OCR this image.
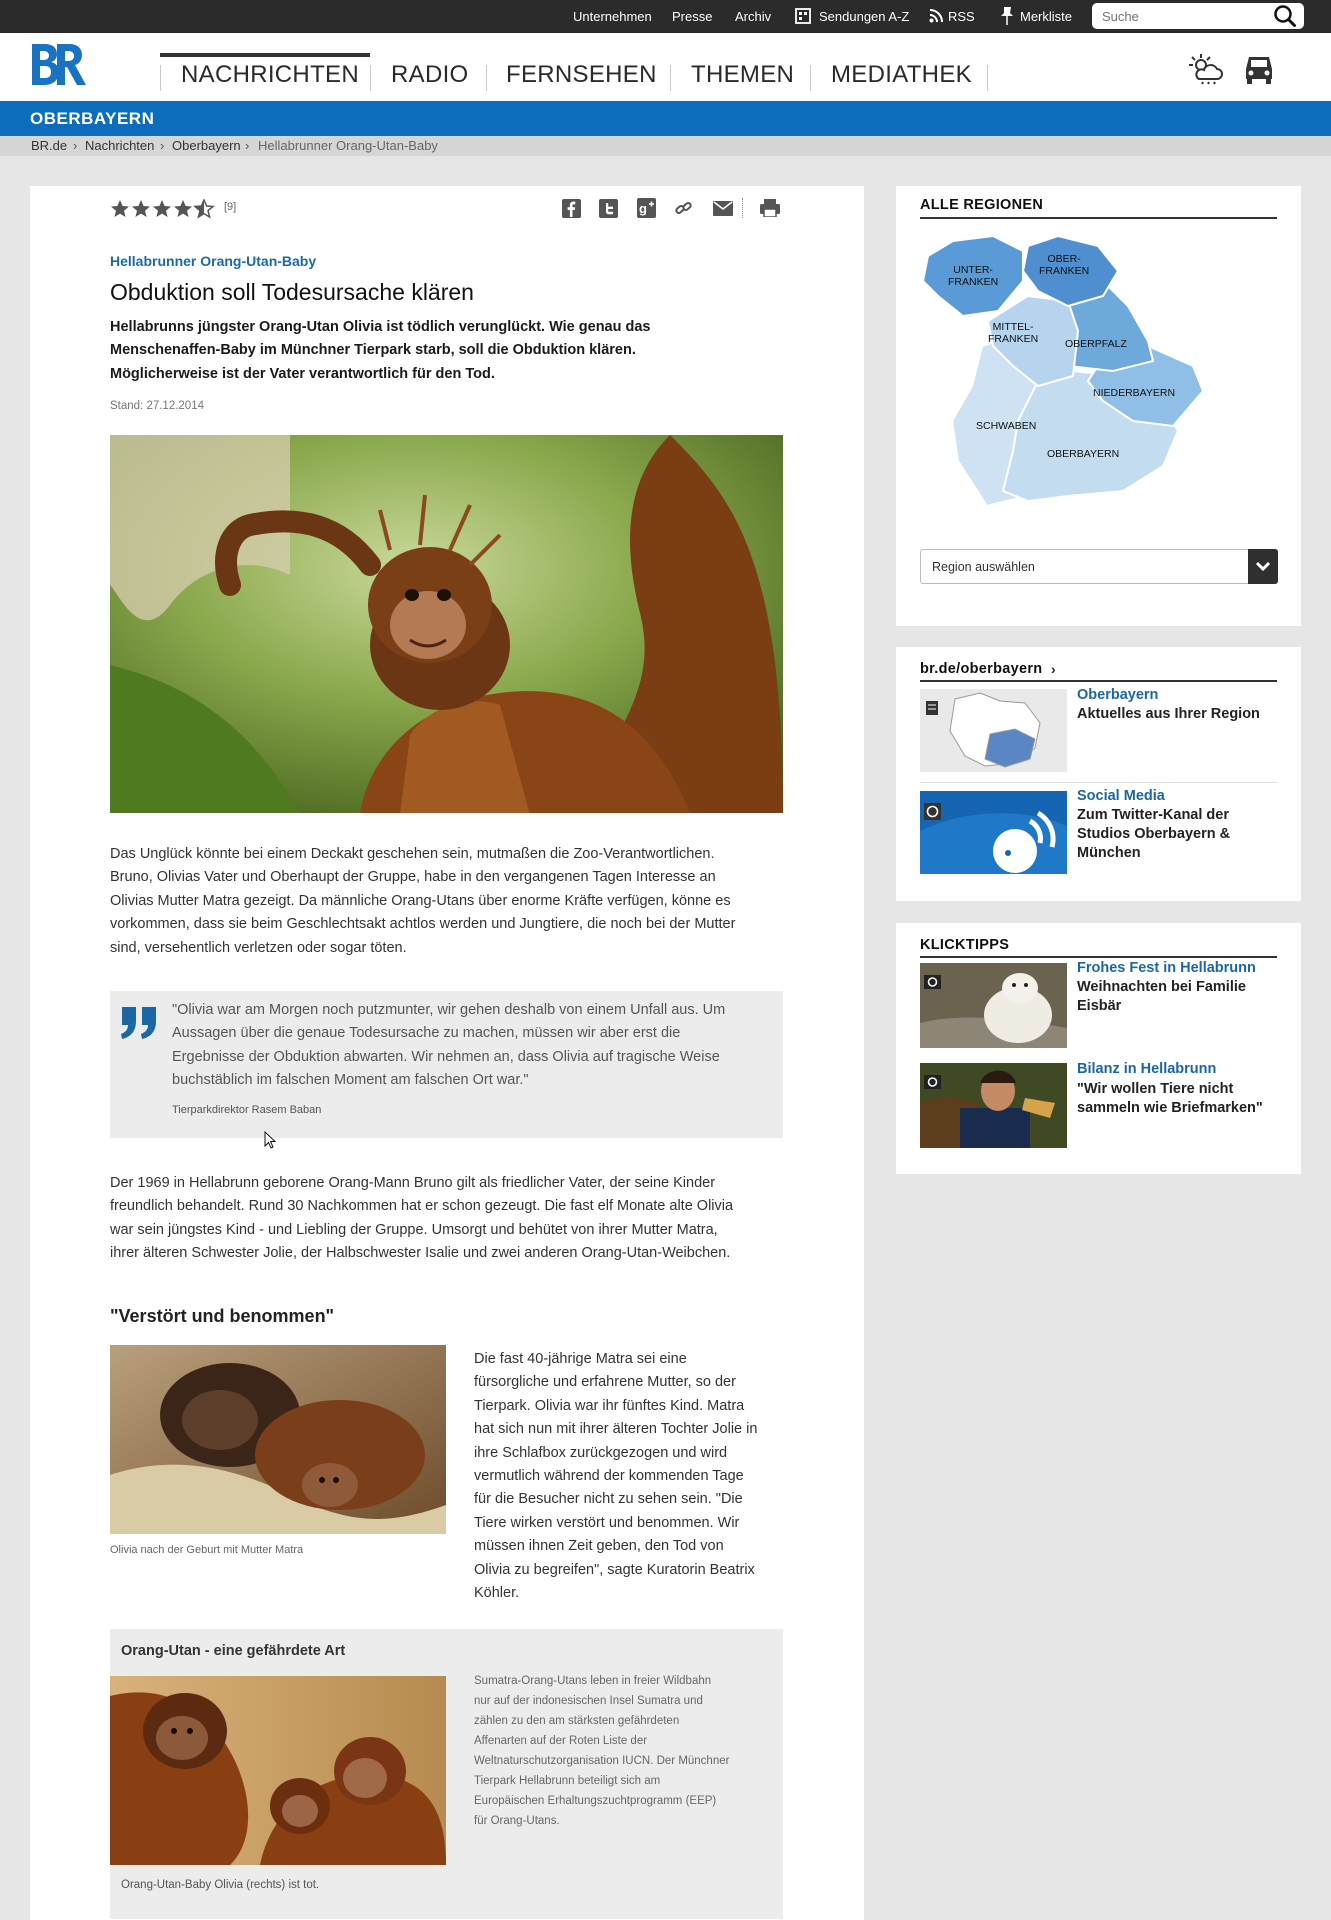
Unternehmen Presse Archiv	Sendungen A-Z	RSS	Merkliste
Suche
NACHRICHTEN RADIO FERNSEHEN THEMEN MEDIATHEK
OBERBAYERN
BR.de › Nachrichten › Oberbayern › Hellabrunner Orang-Utan-Baby
[9]	g
Hellabrunner Orang-Utan-Baby
Obduktion soll Todesursache klären
Hellabrunns jüngster Orang-Utan Olivia ist tödlich verunglückt. Wie genau das
Menschenaffen-Baby im Münchner Tierpark starb, soll die Obduktion klären.
Möglicherweise ist der Vater verantwortlich für den Tod.
Stand: 27.12.2014
Das Unglück könnte bei einem Deckakt geschehen sein, mutmaßen die Zoo-Verantwortlichen.
Bruno, Olivias Vater und Oberhaupt der Gruppe, habe in den vergangenen Tagen Interesse an
Olivias Mutter Matra gezeigt. Da männliche Orang-Utans über enorme Kräfte verfügen, könne es
vorkommen, dass sie beim Geschlechtsakt achtlos werden und Jungtiere, die noch bei der Mutter
sind, versehentlich verletzen oder sogar töten.
"Olivia war am Morgen noch putzmunter, wir gehen deshalb von einem Unfall aus. Um
Aussagen über die genaue Todesursache zu machen, müssen wir aber erst die
Ergebnisse der Obduktion abwarten. Wir nehmen an, dass Olivia auf tragische Weise
buchstäblich im falschen Moment am falschen Ort war."
Tierparkdirektor Rasem Baban
Der 1969 in Hellabrunn geborene Orang-Mann Bruno gilt als friedlicher Vater, der seine Kinder
freundlich behandelt. Rund 30 Nachkommen hat er schon gezeugt. Die fast elf Monate alte Olivia
war sein jüngstes Kind - und Liebling der Gruppe. Umsorgt und behütet von ihrer Mutter Matra,
ihrer älteren Schwester Jolie, der Halbschwester Isalie und zwei anderen Orang-Utan-Weibchen.
"Verstört und benommen"
Olivia nach der Geburt mit Mutter Matra
Die fast 40-jährige Matra sei eine
fürsorgliche und erfahrene Mutter, so der
Tierpark. Olivia war ihr fünftes Kind. Matra
hat sich nun mit ihrer älteren Tochter Jolie in
ihre Schlafbox zurückgezogen und wird
vermutlich während der kommenden Tage
für die Besucher nicht zu sehen sein. "Die
Tiere wirken verstört und benommen. Wir
müssen ihnen Zeit geben, den Tod von
Olivia zu begreifen", sagte Kuratorin Beatrix
Köhler.
Orang-Utan - eine gefährdete Art
Orang-Utan-Baby Olivia (rechts) ist tot.
Sumatra-Orang-Utans leben in freier Wildbahn
nur auf der indonesischen Insel Sumatra und
zählen zu den am stärksten gefährdeten
Affenarten auf der Roten Liste der
Weltnaturschutzorganisation IUCN. Der Münchner
Tierpark Hellabrunn beteiligt sich am
Europäischen Erhaltungszuchtprogramm (EEP)
für Orang-Utans.
ALLE REGIONEN
UNTER-
FRANKEN
OBER-
FRANKEN
MITTEL-
FRANKEN	OBERPFALZ
NIEDERBAYERN
SCHWABEN
OBERBAYERN
Region auswählen
br.de/oberbayern ›
Oberbayern
Aktuelles aus Ihrer Region
Social Media
Zum Twitter-Kanal der
Studios Oberbayern &
München
KLICKTIPPS
Frohes Fest in Hellabrunn
Weihnachten bei Familie
Eisbär
Bilanz in Hellabrunn
"Wir wollen Tiere nicht
sammeln wie Briefmarken"
